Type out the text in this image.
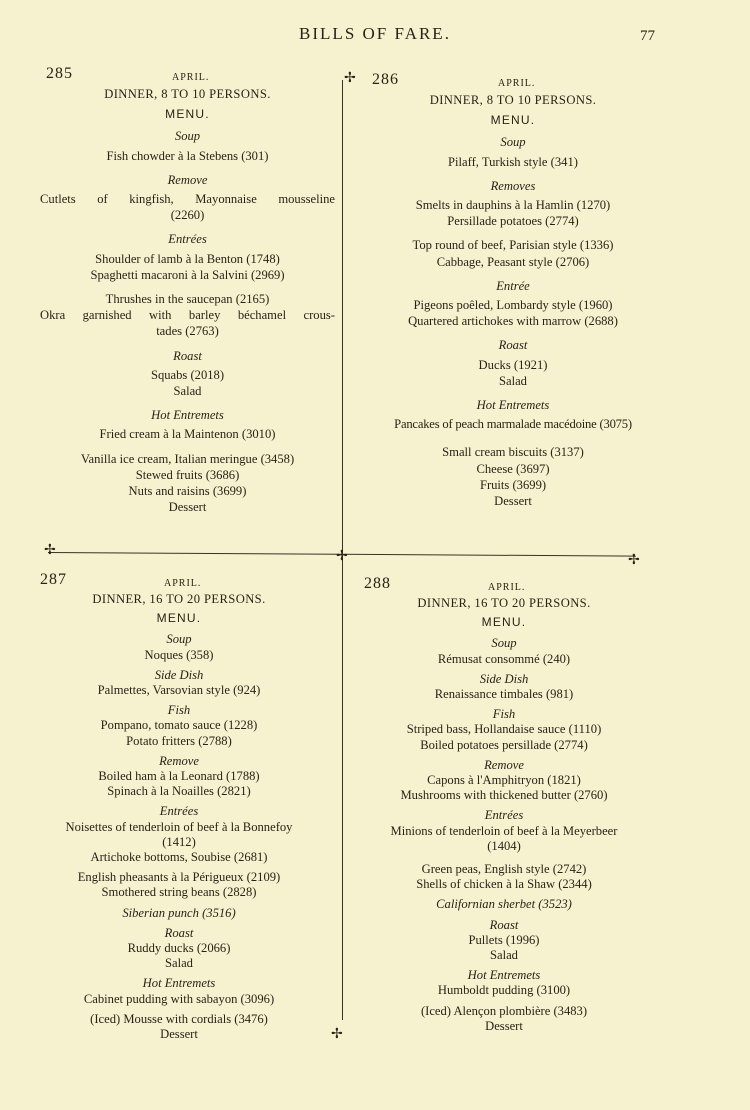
BILLS OF FARE.	77
✢
✢	✢	✢
✢
285	APRIL.
DINNER, 8 TO 10 PERSONS.
MENU.
Soup
Fish chowder à la Stebens (301)
Remove
Cutlets of kingfish, Mayonnaise mousseline
(2260)
Entrées
Shoulder of lamb à la Benton (1748)
Spaghetti macaroni à la Salvini (2969)
Thrushes in the saucepan (2165)
Okra garnished with barley béchamel crous-
tades (2763)
Roast
Squabs (2018)
Salad
Hot Entremets
Fried cream à la Maintenon (3010)
Vanilla ice cream, Italian meringue (3458)
Stewed fruits (3686)
Nuts and raisins (3699)
Dessert
286	APRIL.
DINNER, 8 TO 10 PERSONS.
MENU.
Soup
Pilaff, Turkish style (341)
Removes
Smelts in dauphins à la Hamlin (1270)
Persillade potatoes (2774)
Top round of beef, Parisian style (1336)
Cabbage, Peasant style (2706)
Entrée
Pigeons poêled, Lombardy style (1960)
Quartered artichokes with marrow (2688)
Roast
Ducks (1921)
Salad
Hot Entremets
Pancakes of peach marmalade macédoine (3075)
Small cream biscuits (3137)
Cheese (3697)
Fruits (3699)
Dessert
287	APRIL.
DINNER, 16 TO 20 PERSONS.
MENU.
Soup
Noques (358)
Side Dish
Palmettes, Varsovian style (924)
Fish
Pompano, tomato sauce (1228)
Potato fritters (2788)
Remove
Boiled ham à la Leonard (1788)
Spinach à la Noailles (2821)
Entrées
Noisettes of tenderloin of beef à la Bonnefoy
(1412)
Artichoke bottoms, Soubise (2681)
English pheasants à la Périgueux (2109)
Smothered string beans (2828)
Siberian punch (3516)
Roast
Ruddy ducks (2066)
Salad
Hot Entremets
Cabinet pudding with sabayon (3096)
(Iced) Mousse with cordials (3476)
Dessert
288	APRIL.
DINNER, 16 TO 20 PERSONS.
MENU.
Soup
Rémusat consommé (240)
Side Dish
Renaissance timbales (981)
Fish
Striped bass, Hollandaise sauce (1110)
Boiled potatoes persillade (2774)
Remove
Capons à l'Amphitryon (1821)
Mushrooms with thickened butter (2760)
Entrées
Minions of tenderloin of beef à la Meyerbeer
(1404)
Green peas, English style (2742)
Shells of chicken à la Shaw (2344)
Californian sherbet (3523)
Roast
Pullets (1996)
Salad
Hot Entremets
Humboldt pudding (3100)
(Iced) Alençon plombière (3483)
Dessert
